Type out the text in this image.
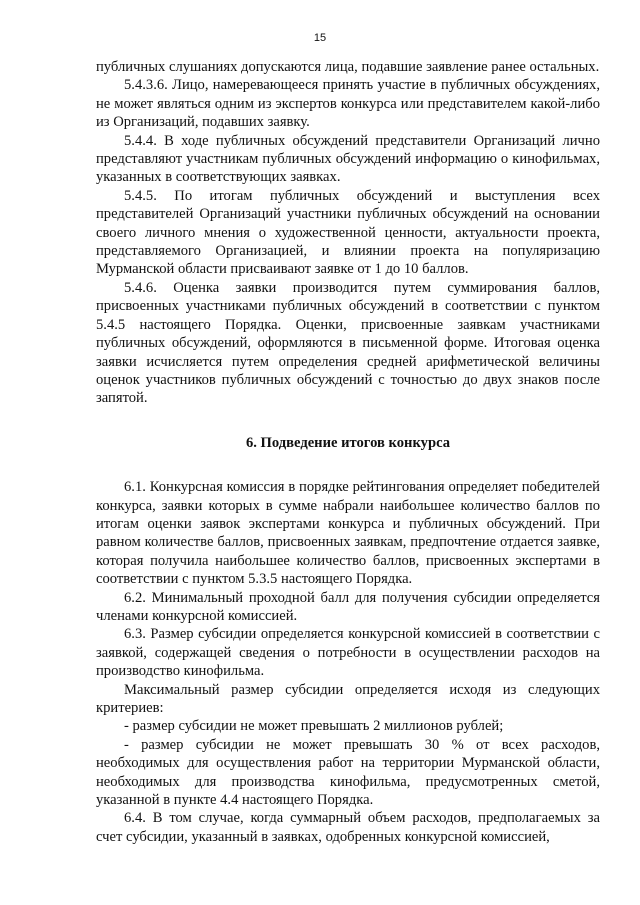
15

публичных слушаниях допускаются лица, подавшие заявление ранее остальных.

5.4.3.6. Лицо, намеревающееся принять участие в публичных обсуждениях, не может являться одним из экспертов конкурса или представителем какой-либо из Организаций, подавших заявку.

5.4.4. В ходе публичных обсуждений представители Организаций лично представляют участникам публичных обсуждений информацию о кинофильмах, указанных в соответствующих заявках.

5.4.5. По итогам публичных обсуждений и выступления всех представителей Организаций участники публичных обсуждений на основании своего личного мнения о художественной ценности, актуальности проекта, представляемого Организацией, и влиянии проекта на популяризацию Мурманской области присваивают заявке от 1 до 10 баллов.

5.4.6. Оценка заявки производится путем суммирования баллов, присвоенных участниками публичных обсуждений в соответствии с пунктом 5.4.5 настоящего Порядка. Оценки, присвоенные заявкам участниками публичных обсуждений, оформляются в письменной форме. Итоговая оценка заявки исчисляется путем определения средней арифметической величины оценок участников публичных обсуждений с точностью до двух знаков после запятой.

6. Подведение итогов конкурса

6.1. Конкурсная комиссия в порядке рейтингования определяет победителей конкурса, заявки которых в сумме набрали наибольшее количество баллов по итогам оценки заявок экспертами конкурса и публичных обсуждений. При равном количестве баллов, присвоенных заявкам, предпочтение отдается заявке, которая получила наибольшее количество баллов, присвоенных экспертами в соответствии с пунктом 5.3.5 настоящего Порядка.

6.2. Минимальный проходной балл для получения субсидии определяется членами конкурсной комиссией.

6.3. Размер субсидии определяется конкурсной комиссией в соответствии с заявкой, содержащей сведения о потребности в осуществлении расходов на производство кинофильма.

Максимальный размер субсидии определяется исходя из следующих критериев:

- размер субсидии не может превышать 2 миллионов рублей;

- размер субсидии не может превышать 30 % от всех расходов, необходимых для осуществления работ на территории Мурманской области, необходимых для производства кинофильма, предусмотренных сметой, указанной в пункте 4.4 настоящего Порядка.

6.4. В том случае, когда суммарный объем расходов, предполагаемых за счет субсидии, указанный в заявках, одобренных конкурсной комиссией,
